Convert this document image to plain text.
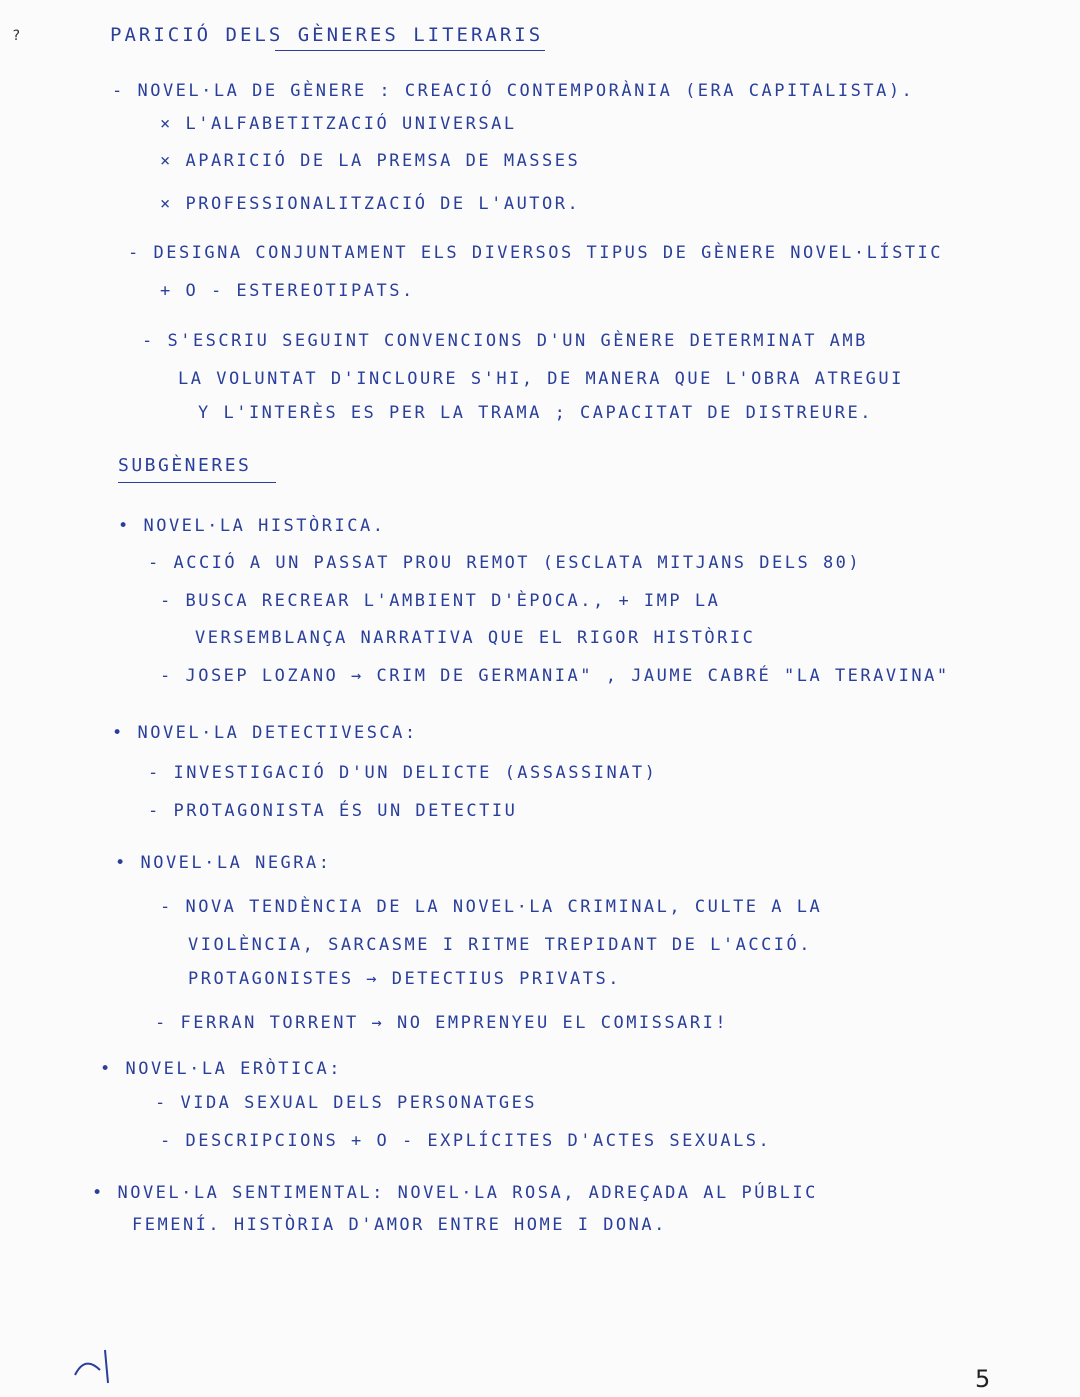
?	PARICIÓ DELS GÈNERES LITERARIS
- NOVEL·LA DE GÈNERE : CREACIÓ CONTEMPORÀNIA (ERA CAPITALISTA).
× L'ALFABETITZACIÓ UNIVERSAL
× APARICIÓ DE LA PREMSA DE MASSES
× PROFESSIONALITZACIÓ DE L'AUTOR.
- DESIGNA CONJUNTAMENT ELS DIVERSOS TIPUS DE GÈNERE NOVEL·LÍSTIC
+ O - ESTEREOTIPATS.
- S'ESCRIU SEGUINT CONVENCIONS D'UN GÈNERE DETERMINAT AMB
LA VOLUNTAT D'INCLOURE S'HI, DE MANERA QUE L'OBRA ATREGUI
Y L'INTERÈS ES PER LA TRAMA ; CAPACITAT DE DISTREURE.
SUBGÈNERES
• NOVEL·LA HISTÒRICA.
- ACCIÓ A UN PASSAT PROU REMOT (ESCLATA MITJANS DELS 80)
- BUSCA RECREAR L'AMBIENT D'ÈPOCA., + IMP LA
VERSEMBLANÇA NARRATIVA QUE EL RIGOR HISTÒRIC
- JOSEP LOZANO → CRIM DE GERMANIA" , JAUME CABRÉ "LA TERAVINA"
• NOVEL·LA DETECTIVESCA:
- INVESTIGACIÓ D'UN DELICTE (ASSASSINAT)
- PROTAGONISTA ÉS UN DETECTIU
• NOVEL·LA NEGRA:
- NOVA TENDÈNCIA DE LA NOVEL·LA CRIMINAL, CULTE A LA
VIOLÈNCIA, SARCASME I RITME TREPIDANT DE L'ACCIÓ.
PROTAGONISTES → DETECTIUS PRIVATS.
- FERRAN TORRENT → NO EMPRENYEU EL COMISSARI!
• NOVEL·LA ERÒTICA:
- VIDA SEXUAL DELS PERSONATGES
- DESCRIPCIONS + O - EXPLÍCITES D'ACTES SEXUALS.
• NOVEL·LA SENTIMENTAL: NOVEL·LA ROSA, ADREÇADA AL PÚBLIC
FEMENÍ. HISTÒRIA D'AMOR ENTRE HOME I DONA.
5
